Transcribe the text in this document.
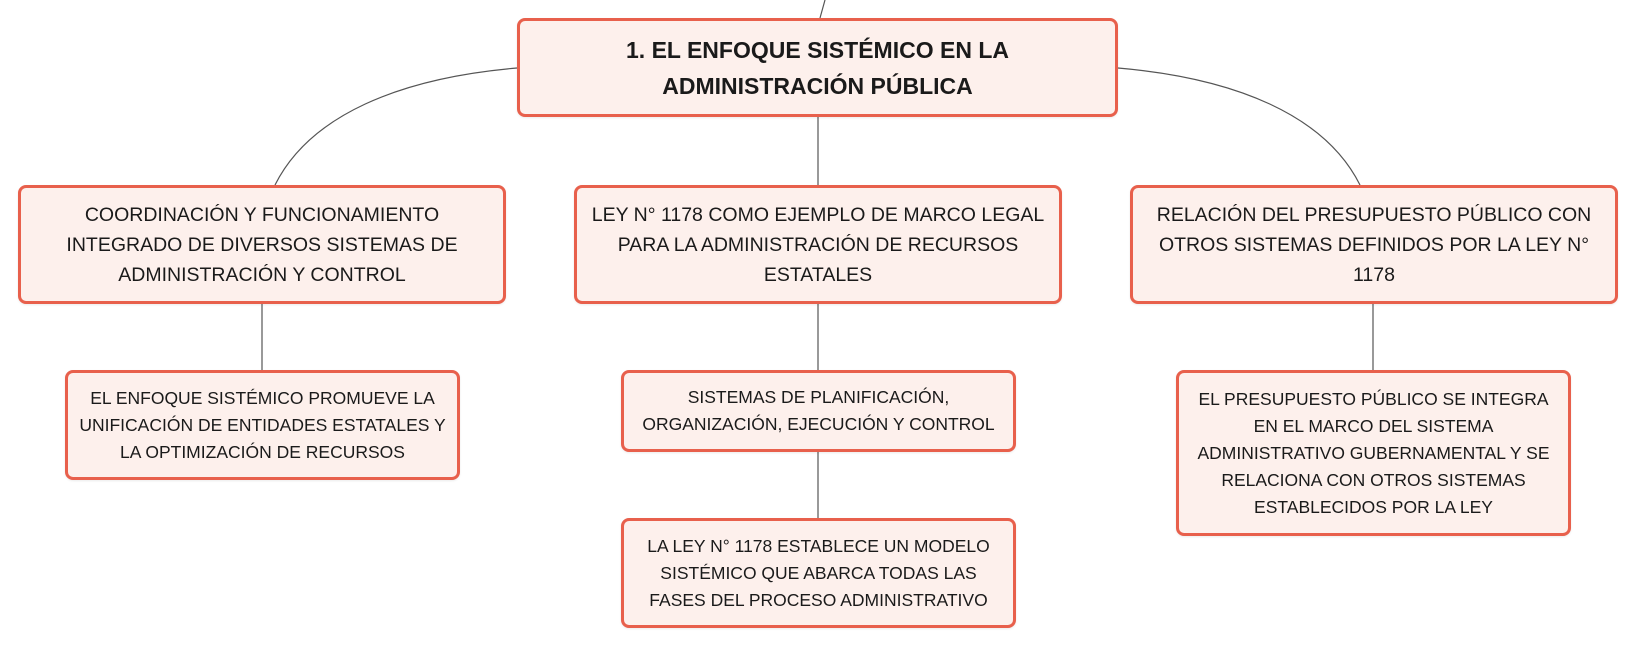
1. EL ENFOQUE SISTÉMICO EN LA ADMINISTRACIÓN PÚBLICA
COORDINACIÓN Y FUNCIONAMIENTO INTEGRADO DE DIVERSOS SISTEMAS DE ADMINISTRACIÓN Y CONTROL
LEY N° 1178 COMO EJEMPLO DE MARCO LEGAL PARA LA ADMINISTRACIÓN DE RECURSOS ESTATALES
RELACIÓN DEL PRESUPUESTO PÚBLICO CON OTROS SISTEMAS DEFINIDOS POR LA LEY N° 1178
EL ENFOQUE SISTÉMICO PROMUEVE LA UNIFICACIÓN DE ENTIDADES ESTATALES Y LA OPTIMIZACIÓN DE RECURSOS
SISTEMAS DE PLANIFICACIÓN, ORGANIZACIÓN, EJECUCIÓN Y CONTROL
LA LEY N° 1178 ESTABLECE UN MODELO SISTÉMICO QUE ABARCA TODAS LAS FASES DEL PROCESO ADMINISTRATIVO
EL PRESUPUESTO PÚBLICO SE INTEGRA EN EL MARCO DEL SISTEMA ADMINISTRATIVO GUBERNAMENTAL Y SE RELACIONA CON OTROS SISTEMAS ESTABLECIDOS POR LA LEY
